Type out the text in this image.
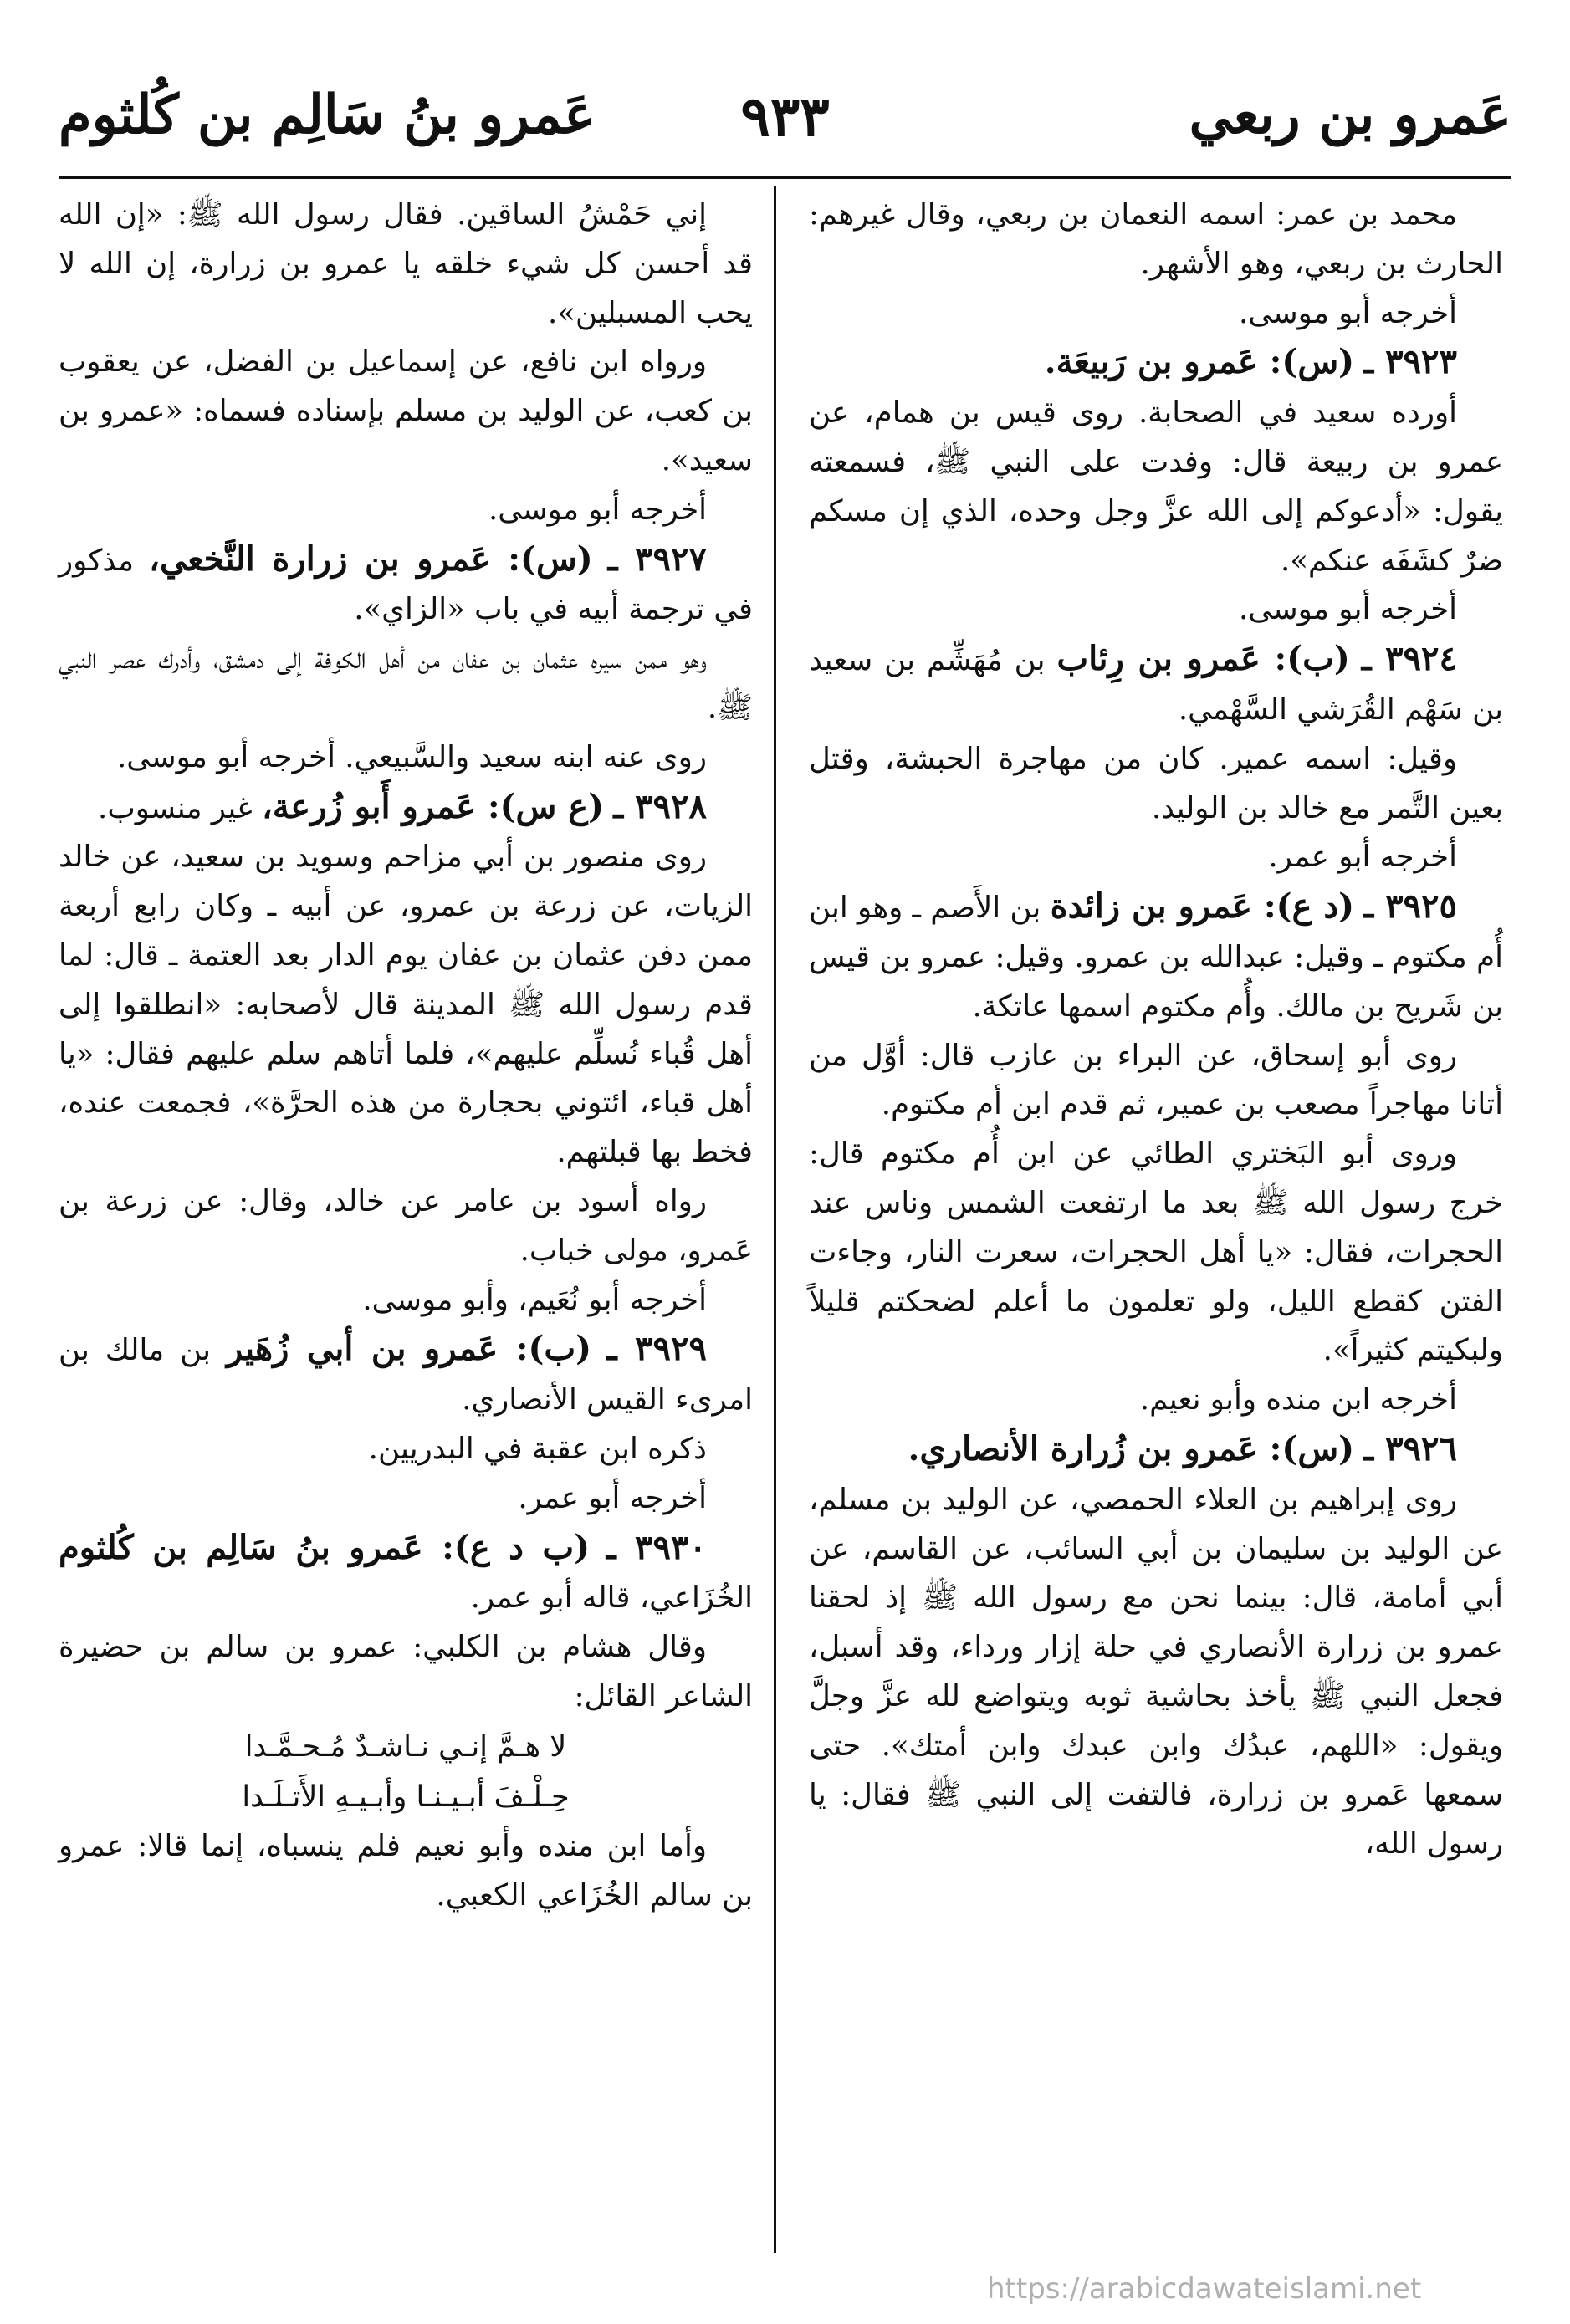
عَمرو بن ربعي
٩٣٣
عَمرو بنُ سَالِم بن كُلثوم

محمد بن عمر: اسمه النعمان بن ربعي، وقال غيرهم: الحارث بن ربعي، وهو الأشهر.

أخرجه أبو موسى.

٣٩٢٣ ـ (س): عَمرو بن رَبيعَة.

أورده سعيد في الصحابة. روى قيس بن همام، عن عمرو بن ربيعة قال: وفدت على النبي ﷺ، فسمعته يقول: «أدعوكم إلى الله عزَّ وجل وحده، الذي إن مسكم ضرٌ كشَفَه عنكم».

أخرجه أبو موسى.

٣٩٢٤ ـ (ب): عَمرو بن رِئاب بن مُهَشِّم بن سعيد بن سَهْم القُرَشي السَّهْمي.

وقيل: اسمه عمير. كان من مهاجرة الحبشة، وقتل بعين التَّمر مع خالد بن الوليد.

أخرجه أبو عمر.

٣٩٢٥ ـ (د ع): عَمرو بن زائدة بن الأَصم ـ وهو ابن أُم مكتوم ـ وقيل: عبدالله بن عمرو. وقيل: عمرو بن قيس بن شَريح بن مالك. وأُم مكتوم اسمها عاتكة.

روى أبو إسحاق، عن البراء بن عازب قال: أوَّل من أتانا مهاجراً مصعب بن عمير، ثم قدم ابن أم مكتوم.

وروى أبو البَختري الطائي عن ابن أُم مكتوم قال: خرج رسول الله ﷺ بعد ما ارتفعت الشمس وناس عند الحجرات، فقال: «يا أهل الحجرات، سعرت النار، وجاءت الفتن كقطع الليل، ولو تعلمون ما أعلم لضحكتم قليلاً ولبكيتم كثيراً».

أخرجه ابن منده وأبو نعيم.

٣٩٢٦ ـ (س): عَمرو بن زُرارة الأنصاري.

روى إبراهيم بن العلاء الحمصي، عن الوليد بن مسلم، عن الوليد بن سليمان بن أبي السائب، عن القاسم، عن أبي أمامة، قال: بينما نحن مع رسول الله ﷺ إذ لحقنا عمرو بن زرارة الأنصاري في حلة إزار ورداء، وقد أسبل، فجعل النبي ﷺ يأخذ بحاشية ثوبه ويتواضع لله عزَّ وجلَّ ويقول: «اللهم، عبدُك وابن عبدك وابن أمتك». حتى سمعها عَمرو بن زرارة، فالتفت إلى النبي ﷺ فقال: يا رسول الله،

إني حَمْشُ الساقين. فقال رسول الله ﷺ: «إن الله قد أحسن كل شيء خلقه يا عمرو بن زرارة، إن الله لا يحب المسبلين».

ورواه ابن نافع، عن إسماعيل بن الفضل، عن يعقوب بن كعب، عن الوليد بن مسلم بإسناده فسماه: «عمرو بن سعيد».

أخرجه أبو موسى.

٣٩٢٧ ـ (س): عَمرو بن زرارة النَّخعي، مذكور في ترجمة أبيه في باب «الزاي».

وهو ممن سيره عثمان بن عفان من أهل الكوفة إلى دمشق، وأدرك عصر النبي ﷺ.

روى عنه ابنه سعيد والسَّبيعي. أخرجه أبو موسى.

٣٩٢٨ ـ (ع س): عَمرو أَبو زُرعة، غير منسوب.

روى منصور بن أبي مزاحم وسويد بن سعيد، عن خالد الزيات، عن زرعة بن عمرو، عن أبيه ـ وكان رابع أربعة ممن دفن عثمان بن عفان يوم الدار بعد العتمة ـ قال: لما قدم رسول الله ﷺ المدينة قال لأصحابه: «انطلقوا إلى أهل قُباء نُسلِّم عليهم»، فلما أتاهم سلم عليهم فقال: «يا أهل قباء، ائتوني بحجارة من هذه الحرَّة»، فجمعت عنده، فخط بها قبلتهم.

رواه أسود بن عامر عن خالد، وقال: عن زرعة بن عَمرو، مولى خباب.

أخرجه أبو نُعَيم، وأبو موسى.

٣٩٢٩ ـ (ب): عَمرو بن أبي زُهَير بن مالك بن امرىء القيس الأنصاري.

ذكره ابن عقبة في البدريين.

أخرجه أبو عمر.

٣٩٣٠ ـ (ب د ع): عَمرو بنُ سَالِم بن كُلثوم الخُزَاعي، قاله أبو عمر.

وقال هشام بن الكلبي: عمرو بن سالم بن حضيرة الشاعر القائل:

لا هـمَّ إنـي نـاشـدٌ مُـحـمَّـدا

حِـلْـفَ أبـيـنـا وأبـيـهِ الأَتـلَـدا

وأما ابن منده وأبو نعيم فلم ينسباه، إنما قالا: عمرو بن سالم الخُزَاعي الكعبي.

https://arabicdawateislami.net
